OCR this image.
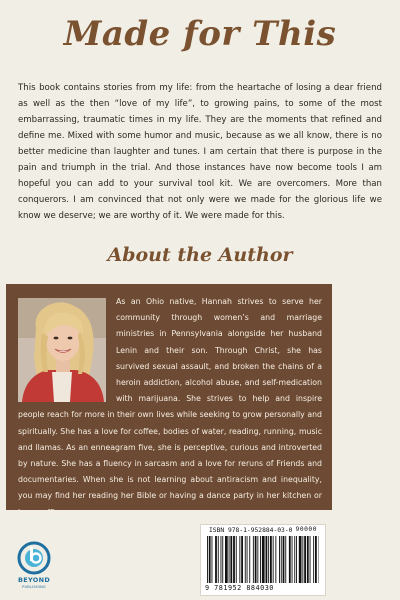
Made for This

This book contains stories from my life: from the heartache of losing a dear friend as well as the then “love of my life”, to growing pains, to some of the most embarrassing, traumatic times in my life. They are the moments that refined and define me. Mixed with some humor and music, because as we all know, there is no better medicine than laughter and tunes. I am certain that there is purpose in the pain and triumph in the trial. And those instances have now become tools I am hopeful you can add to your survival tool kit. We are overcomers. More than conquerors. I am convinced that not only were we made for the glorious life we know we deserve; we are worthy of it. We were made for this.

About the Author

As an Ohio native, Hannah strives to serve her community through women’s and marriage ministries in Pennsylvania alongside her husband Lenin and their son. Through Christ, she has survived sexual assault, and broken the chains of a heroin addiction, alcohol abuse, and self-medication with marijuana. She strives to help and inspire people reach for more in their own lives while seeking to grow personally and spiritually. She has a love for coffee, bodies of water, reading, running, music and llamas. As an enneagram five, she is perceptive, curious and introverted by nature. She has a fluency in sarcasm and a love for reruns of Friends and documentaries. When she is not learning about antiracism and inequality, you may find her reading her Bible or having a dance party in her kitchen or home office.

BEYOND
PUBLISHING
ISBN 978-1-952884-03-0
9 781952 884030
90000
